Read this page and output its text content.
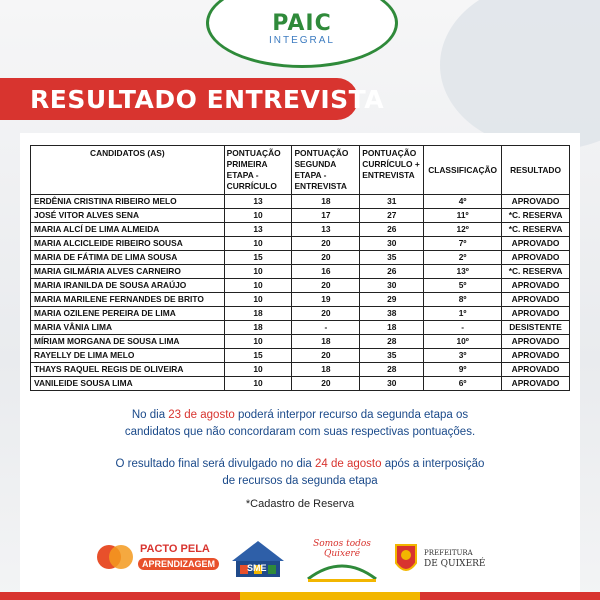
PAIC
INTEGRAL
RESULTADO ENTREVISTA
CANDIDATOS (AS)	PONTUAÇÃO PRIMEIRA ETAPA - CURRÍCULO	PONTUAÇÃO SEGUNDA ETAPA - ENTREVISTA	PONTUAÇÃO CURRÍCULO + ENTREVISTA	CLASSIFICAÇÃO	RESULTADO
ERDÊNIA CRISTINA RIBEIRO MELO	13	18	31	4º	APROVADO
JOSÉ VITOR ALVES SENA	10	17	27	11º	*C. RESERVA
MARIA ALCÍ DE LIMA ALMEIDA	13	13	26	12º	*C. RESERVA
MARIA ALCICLEIDE RIBEIRO SOUSA	10	20	30	7º	APROVADO
MARIA DE FÁTIMA DE LIMA SOUSA	15	20	35	2º	APROVADO
MARIA GILMÁRIA ALVES CARNEIRO	10	16	26	13º	*C. RESERVA
MARIA IRANILDA DE SOUSA ARAÚJO	10	20	30	5º	APROVADO
MARIA MARILENE FERNANDES DE BRITO	10	19	29	8º	APROVADO
MARIA OZILENE PEREIRA DE LIMA	18	20	38	1º	APROVADO
MARIA VÂNIA LIMA	18	-	18	-	DESISTENTE
MÍRIAM MORGANA DE SOUSA LIMA	10	18	28	10º	APROVADO
RAYELLY DE LIMA MELO	15	20	35	3º	APROVADO
THAYS RAQUEL REGIS DE OLIVEIRA	10	18	28	9º	APROVADO
VANILEIDE SOUSA LIMA	10	20	30	6º	APROVADO
No dia 23 de agosto poderá interpor recurso da segunda etapa os
candidatos que não concordaram com suas respectivas pontuações.
O resultado final será divulgado no dia 24 de agosto após a interposição
de recursos da segunda etapa
*Cadastro de Reserva
PACTO PELA
APRENDIZAGEM	SME
Somos todos Quixeré	PREFEITURA
DE QUIXERÉ
